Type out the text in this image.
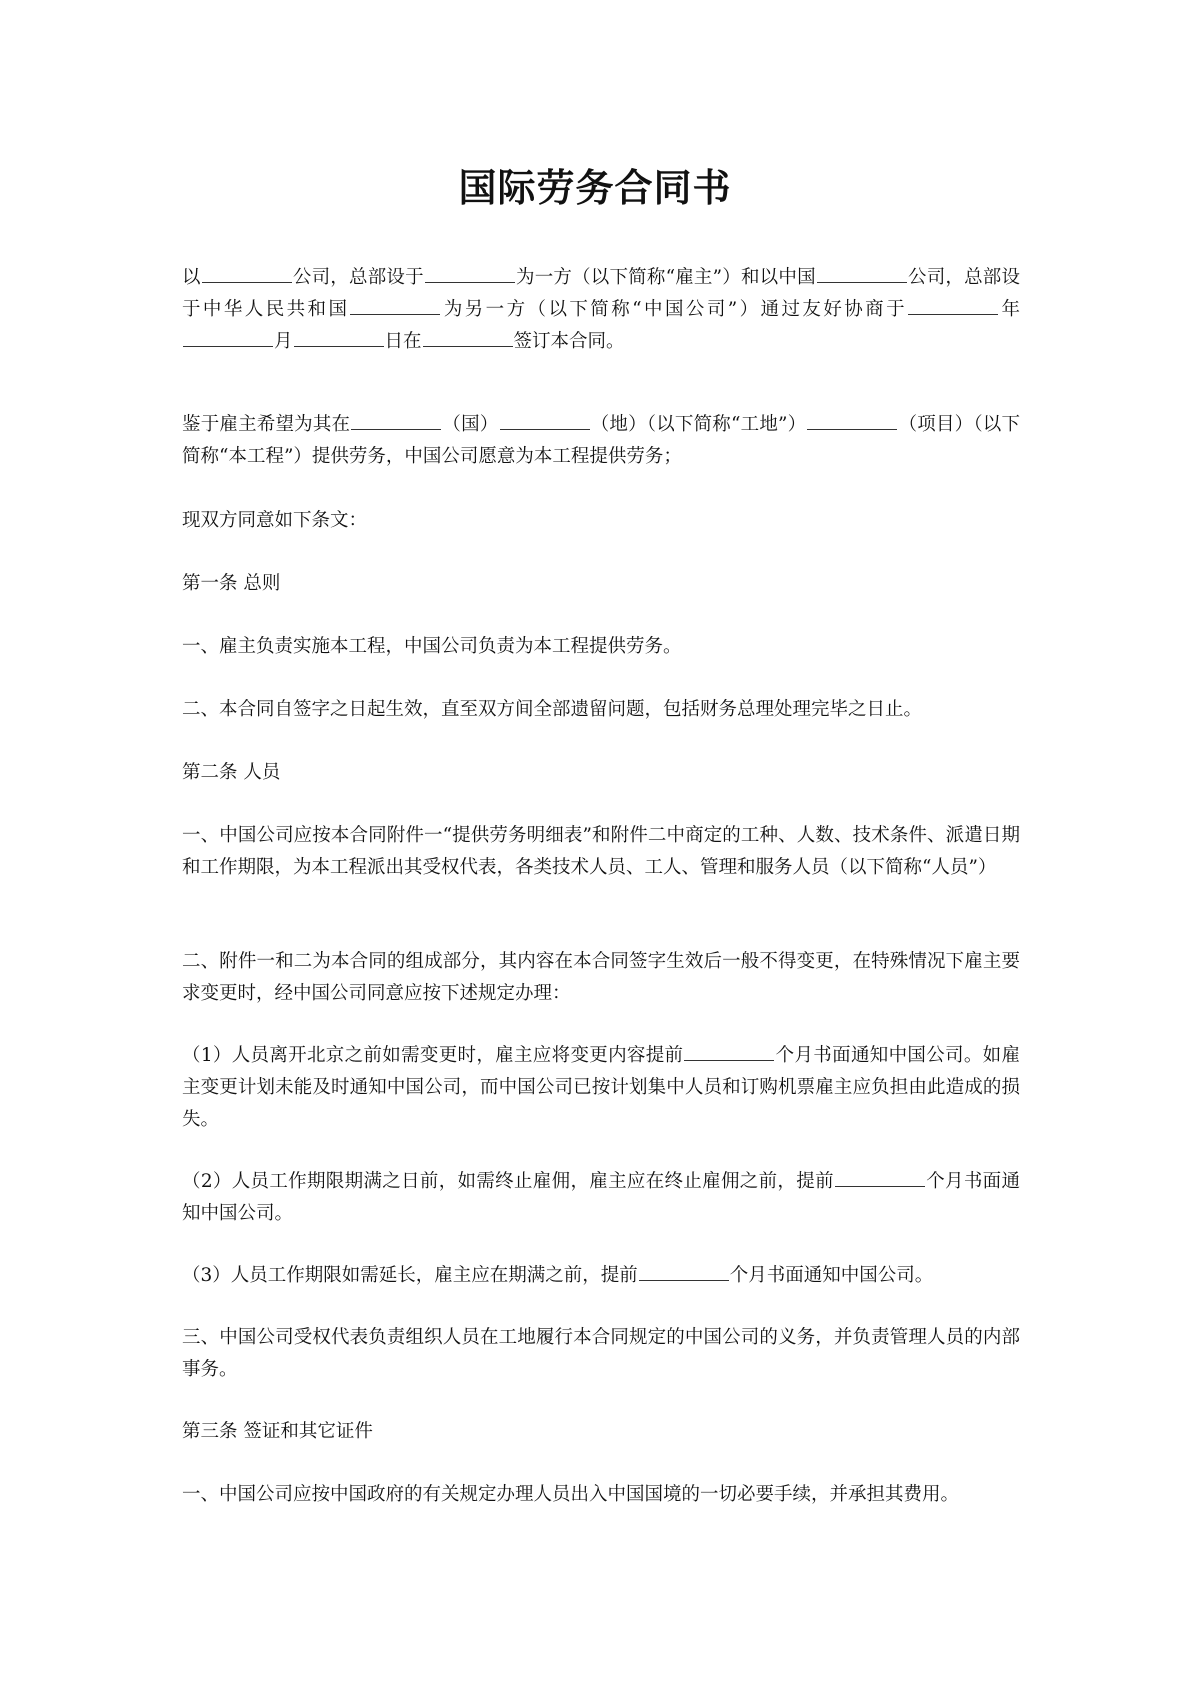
国际劳务合同书
以	公司，总部设于	为一方（以下简称“雇主”）和以中国	公司，总部设于中华人民共和国	为另一方（以下简称“中国公司”）通过友好协商于	年月	日在	签订本合同。
鉴于雇主希望为其在	（国）	（地）（以下简称“工地”）	（项目）（以下简称“本工程”）提供劳务，中国公司愿意为本工程提供劳务；
现双方同意如下条文：
第一条 总则
一、雇主负责实施本工程，中国公司负责为本工程提供劳务。
二、本合同自签字之日起生效，直至双方间全部遗留问题，包括财务总理处理完毕之日止。
第二条 人员
一、中国公司应按本合同附件一“提供劳务明细表”和附件二中商定的工种、人数、技术条件、派遣日期和工作期限，为本工程派出其受权代表，各类技术人员、工人、管理和服务人员（以下简称“人员”）
二、附件一和二为本合同的组成部分，其内容在本合同签字生效后一般不得变更，在特殊情况下雇主要求变更时，经中国公司同意应按下述规定办理：
（1）人员离开北京之前如需变更时，雇主应将变更内容提前	个月书面通知中国公司。如雇主变更计划未能及时通知中国公司，而中国公司已按计划集中人员和订购机票雇主应负担由此造成的损失。
（2）人员工作期限期满之日前，如需终止雇佣，雇主应在终止雇佣之前，提前	个月书面通知中国公司。
（3）人员工作期限如需延长，雇主应在期满之前，提前	个月书面通知中国公司。
三、中国公司受权代表负责组织人员在工地履行本合同规定的中国公司的义务，并负责管理人员的内部事务。
第三条 签证和其它证件
一、中国公司应按中国政府的有关规定办理人员出入中国国境的一切必要手续，并承担其费用。
